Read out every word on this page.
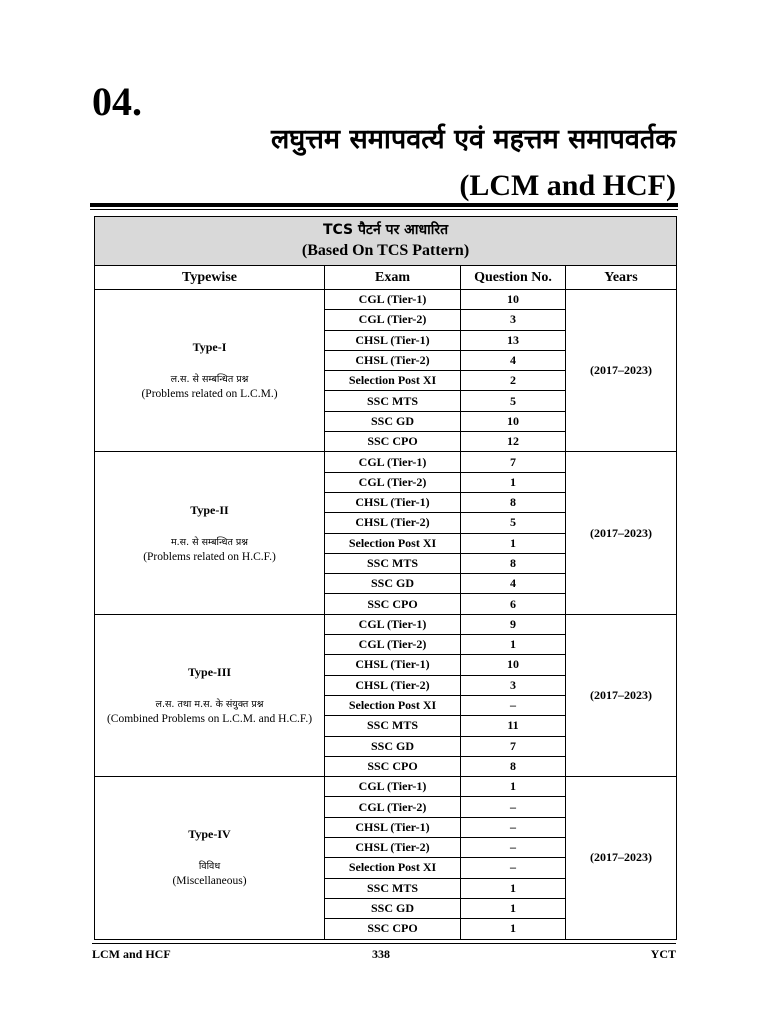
04.
लघुत्तम समापवर्त्य एवं महत्तम समापवर्तक
(LCM and HCF)
TCS पैटर्न पर आधारित
(Based On TCS Pattern)			

Typewise	Exam	Question No.	Years

Type-I
ल.स. से सम्बन्धित प्रश्न
(Problems related on L.C.M.)	CGL (Tier-1)	10	(2017–2023)
	CGL (Tier-2)	3	
	CHSL (Tier-1)	13	
	CHSL (Tier-2)	4	
	Selection Post XI	2	
	SSC MTS	5	
	SSC GD	10	
	SSC CPO	12	

Type-II
म.स. से सम्बन्धित प्रश्न
(Problems related on H.C.F.)	CGL (Tier-1)	7	(2017–2023)
	CGL (Tier-2)	1	
	CHSL (Tier-1)	8	
	CHSL (Tier-2)	5	
	Selection Post XI	1	
	SSC MTS	8	
	SSC GD	4	
	SSC CPO	6	

Type-III
ल.स. तथा म.स. के संयुक्त प्रश्न
(Combined Problems on L.C.M. and H.C.F.)	CGL (Tier-1)	9	(2017–2023)
	CGL (Tier-2)	1	
	CHSL (Tier-1)	10	
	CHSL (Tier-2)	3	
	Selection Post XI	–	
	SSC MTS	11	
	SSC GD	7	
	SSC CPO	8	

Type-IV
विविध
(Miscellaneous)	CGL (Tier-1)	1	(2017–2023)
	CGL (Tier-2)	–	
	CHSL (Tier-1)	–	
	CHSL (Tier-2)	–	
	Selection Post XI	–	
	SSC MTS	1	
	SSC GD	1	
	SSC CPO	1	
LCM and HCF	338	YCT
